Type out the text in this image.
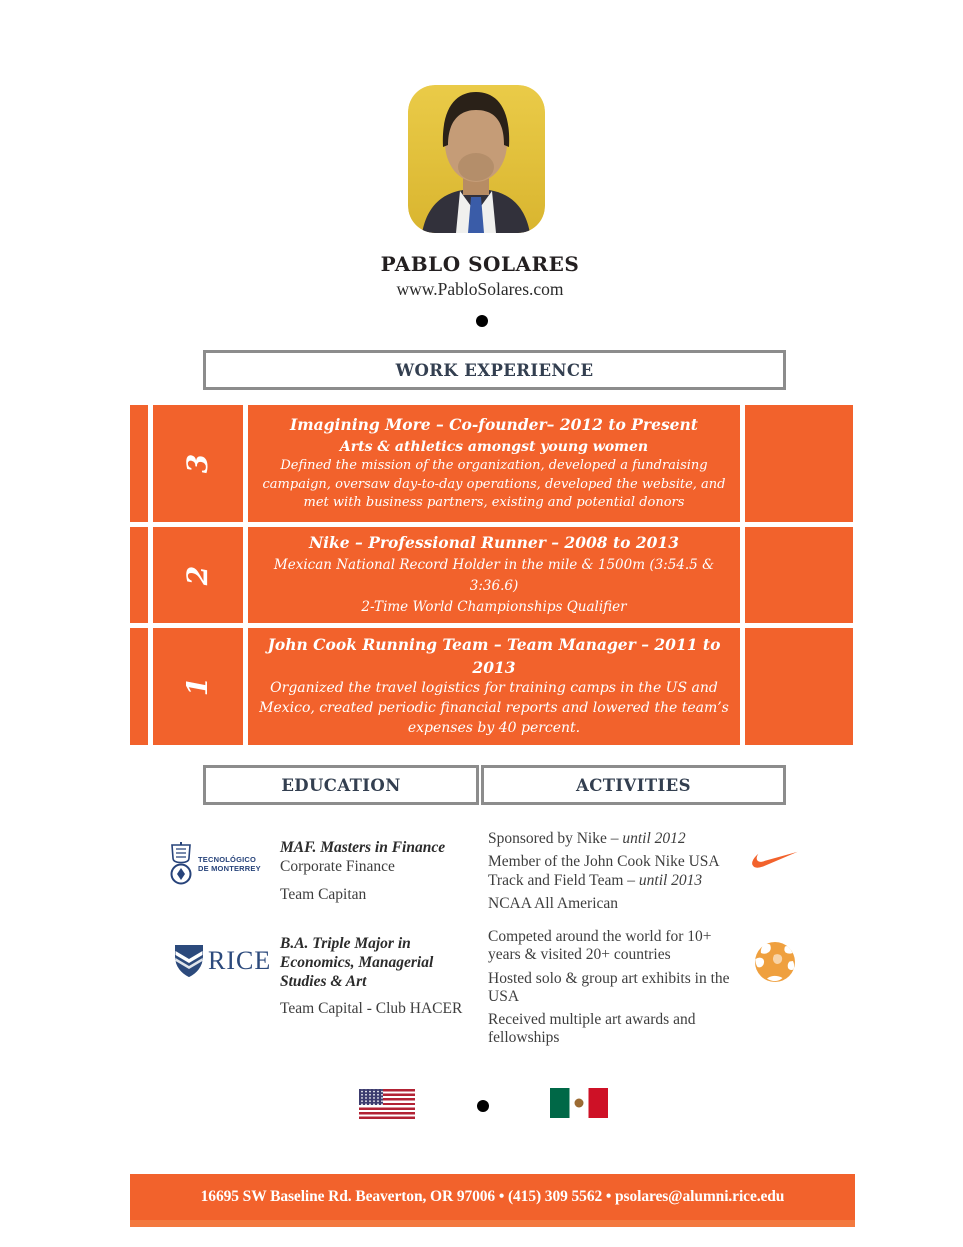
PABLO SOLARES
www.PabloSolares.com
WORK EXPERIENCE
3
Imagining More – Co-founder– 2012 to Present
Arts & athletics amongst young women
Defined the mission of the organization, developed a fundraising campaign, oversaw day-to-day operations, developed the website, and met with business partners, existing and potential donors
2
Nike – Professional Runner – 2008 to 2013
Mexican National Record Holder in the mile & 1500m (3:54.5 & 3:36.6)
2-Time World Championships Qualifier
1
John Cook Running Team – Team Manager – 2011 to 2013
Organized the travel logistics for training camps in the US and Mexico, created periodic financial reports and lowered the team’s expenses by 40 percent.
EDUCATION	ACTIVITIES
TECNOLÓGICO
DE MONTERREY
MAF. Masters in Finance
Corporate Finance
Team Capitan
RICE
B.A. Triple Major in Economics, Managerial Studies & Art
Team Capital - Club HACER
Sponsored by Nike – until 2012
Member of the John Cook Nike USA Track and Field Team – until 2013
NCAA All American
Competed around the world for 10+ years & visited 20+ countries
Hosted solo & group art exhibits in the USA
Received multiple art awards and fellowships
16695 SW Baseline Rd. Beaverton, OR 97006 • (415) 309 5562 • psolares@alumni.rice.edu
